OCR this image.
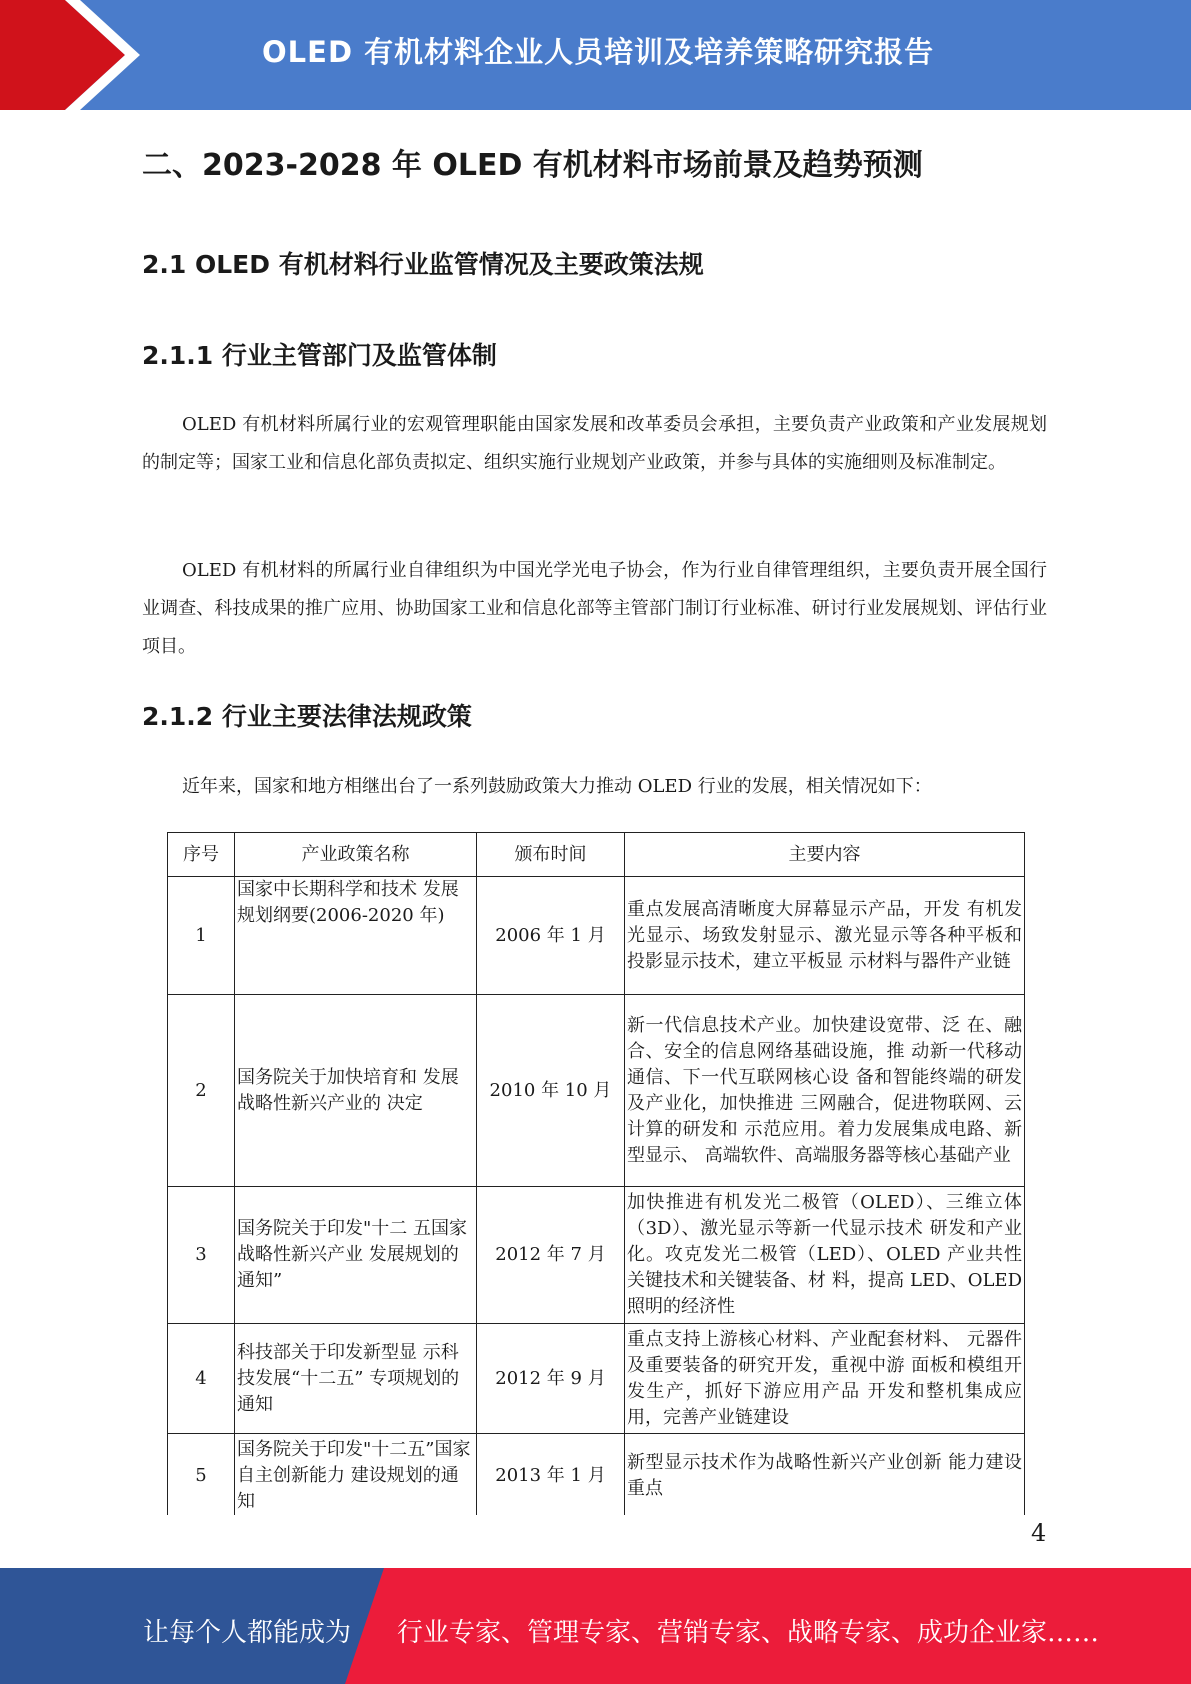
OLED 有机材料企业人员培训及培养策略研究报告
二、2023-2028 年 OLED 有机材料市场前景及趋势预测
2.1 OLED 有机材料行业监管情况及主要政策法规
2.1.1 行业主管部门及监管体制

OLED 有机材料所属行业的宏观管理职能由国家发展和改革委员会承担，主要负责产业政策和产业发展规划的制定等；国家工业和信息化部负责拟定、组织实施行业规划产业政策，并参与具体的实施细则及标准制定。

OLED 有机材料的所属行业自律组织为中国光学光电子协会，作为行业自律管理组织，主要负责开展全国行业调查、科技成果的推广应用、协助国家工业和信息化部等主管部门制订行业标准、研讨行业发展规划、评估行业项目。

2.1.2 行业主要法律法规政策

近年来，国家和地方相继出台了一系列鼓励政策大力推动 OLED 行业的发展，相关情况如下：

序号	产业政策名称	颁布时间	主要内容
1	国家中长期科学和技术 发展规划纲要(2006-2020 年)	2006 年 1 月	重点发展高清晰度大屏幕显示产品，开发 有机发光显示、场致发射显示、激光显示等各种平板和投影显示技术，建立平板显 示材料与器件产业链
2	国务院关于加快培育和 发展战略性新兴产业的 决定	2010 年 10 月	新一代信息技术产业。加快建设宽带、泛 在、融合、安全的信息网络基础设施，推 动新一代移动通信、下一代互联网核心设 备和智能终端的研发及产业化，加快推进 三网融合，促进物联网、云计算的研发和 示范应用。着力发展集成电路、新型显示、 高端软件、高端服务器等核心基础产业
3	国务院关于印发"十二 五国家战略性新兴产业 发展规划的通知”	2012 年 7 月	加快推进有机发光二极管（OLED）、三维立体（3D）、激光显示等新一代显示技术 研发和产业化。攻克发光二极管（LED）、OLED 产业共性关键技术和关键装备、材 料，提高 LED、OLED 照明的经济性
4	科技部关于印发新型显 示科技发展“十二五” 专项规划的通知	2012 年 9 月	重点支持上游核心材料、产业配套材料、 元器件及重要装备的研究开发，重视中游 面板和模组开发生产，抓好下游应用产品 开发和整机集成应用，完善产业链建设
5	国务院关于印发"十二五”国家自主创新能力 建设规划的通知	2013 年 1 月	新型显示技术作为战略性新兴产业创新 能力建设重点
4
让每个人都能成为 行业专家、管理专家、营销专家、战略专家、成功企业家……
